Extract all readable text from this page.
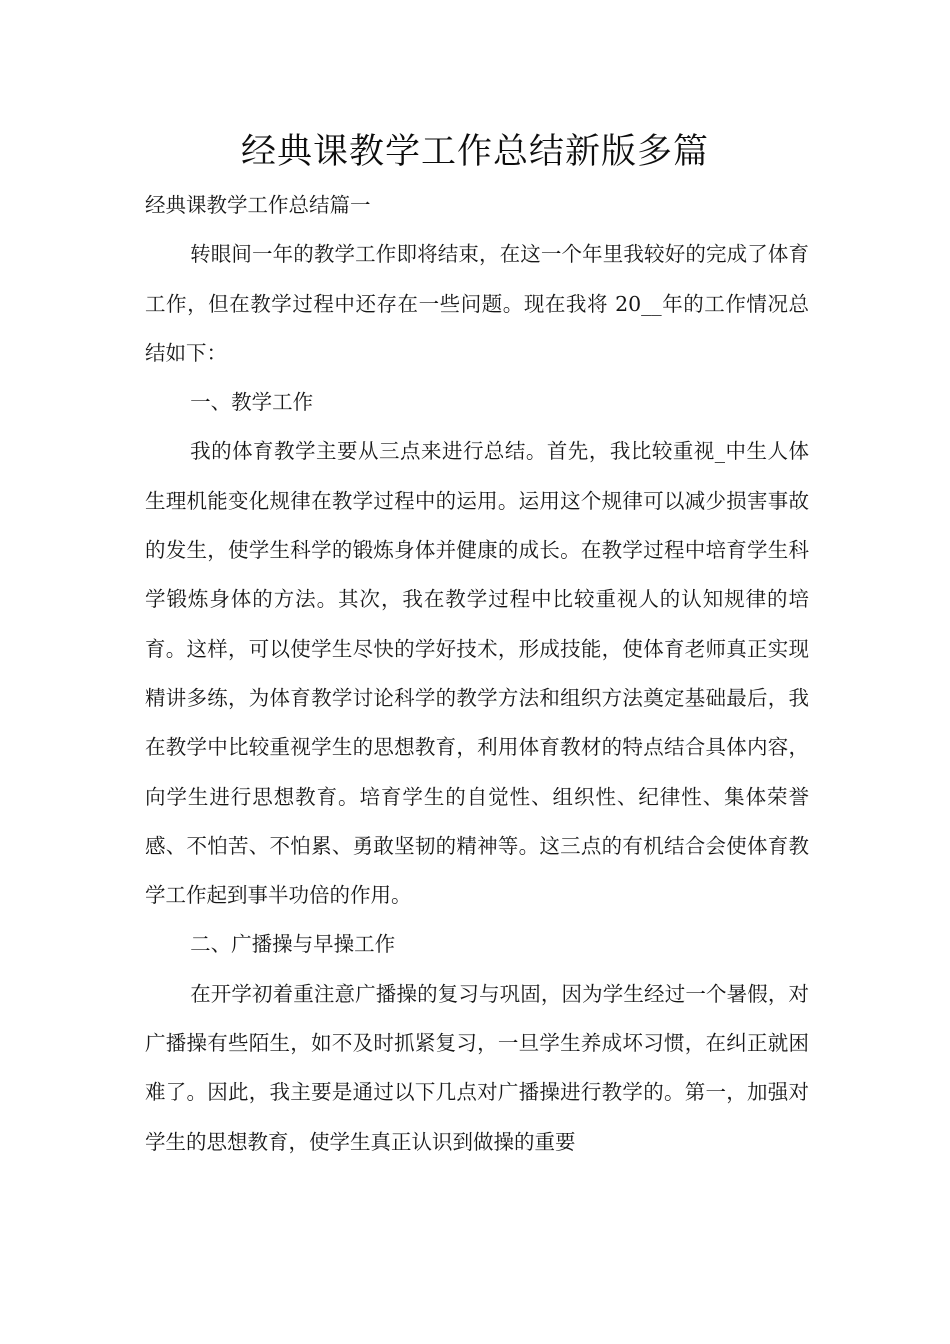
经典课教学工作总结新版多篇

经典课教学工作总结篇一

转眼间一年的教学工作即将结束，在这一个年里我较好的完成了体育工作，但在教学过程中还存在一些问题。现在我将 20__年的工作情况总结如下：

一、教学工作

我的体育教学主要从三点来进行总结。首先，我比较重视_中生人体生理机能变化规律在教学过程中的运用。运用这个规律可以减少损害事故的发生，使学生科学的锻炼身体并健康的成长。在教学过程中培育学生科学锻炼身体的方法。其次，我在教学过程中比较重视人的认知规律的培育。这样，可以使学生尽快的学好技术，形成技能，使体育老师真正实现精讲多练，为体育教学讨论科学的教学方法和组织方法奠定基础最后，我在教学中比较重视学生的思想教育，利用体育教材的特点结合具体内容，向学生进行思想教育。培育学生的自觉性、组织性、纪律性、集体荣誉感、不怕苦、不怕累、勇敢坚韧的精神等。这三点的有机结合会使体育教学工作起到事半功倍的作用。

二、广播操与早操工作

在开学初着重注意广播操的复习与巩固，因为学生经过一个暑假，对广播操有些陌生，如不及时抓紧复习，一旦学生养成坏习惯，在纠正就困难了。因此，我主要是通过以下几点对广播操进行教学的。第一，加强对学生的思想教育，使学生真正认识到做操的重要
